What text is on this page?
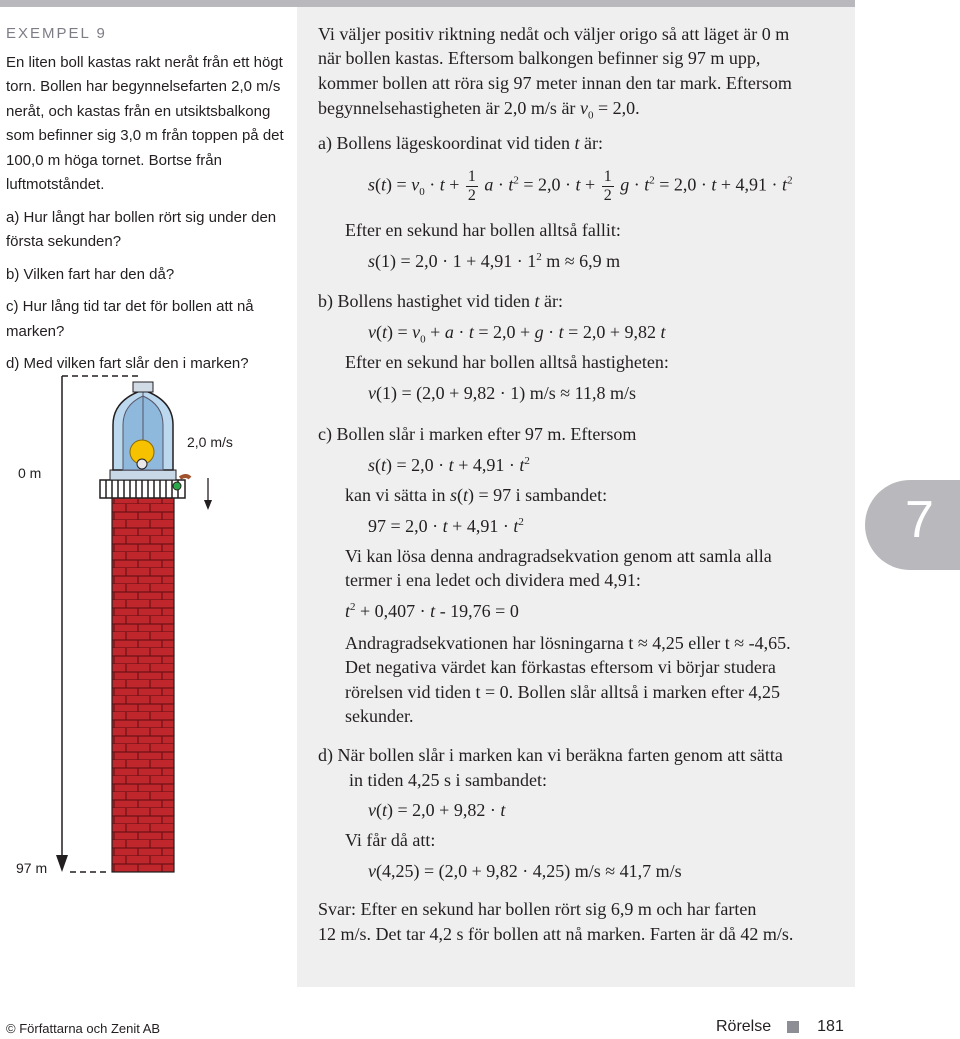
EXEMPEL 9

En liten boll kastas rakt neråt från ett högt torn. Bollen har begynnelsefarten 2,0 m/s neråt, och kastas från en utsiktsbalkong som befinner sig 3,0 m från toppen på det 100,0 m höga tornet. Bortse från luftmotståndet.

a) Hur långt har bollen rört sig under den första sekunden?

b) Vilken fart har den då?

c) Hur lång tid tar det för bollen att nå marken?

d) Med vilken fart slår den i marken?

0 m
97 m
2,0 m/s
Vi väljer positiv riktning nedåt och väljer origo så att läget är 0 m
när bollen kastas. Eftersom balkongen befinner sig 97 m upp,
kommer bollen att röra sig 97 meter innan den tar mark. Eftersom
begynnelsehastigheten är 2,0 m/s är $v_0 = 2,0$.
a) Bollens lägeskoordinat vid tiden t är:
$s(t) = v_0 \cdot t + \frac{1}{2}$ $a \cdot t^2 = 2,0 \cdot t + \frac{1}{2}$ $g \cdot t^2 = 2,0 \cdot t + 4,91 \cdot t^2$
Efter en sekund har bollen alltså fallit:
$s(1) = 2,0 \cdot 1 + 4,91 \cdot 1^2$ m ≈ 6,9 m
b) Bollens hastighet vid tiden t är:
$v(t) = v_0 + a \cdot t = 2,0 + g \cdot t = 2,0 + 9,82$ t
Efter en sekund har bollen alltså hastigheten:
v(1) = (2,0 + 9,82 · 1) m/s ≈ 11,8 m/s
c) Bollen slår i marken efter 97 m. Eftersom
$s(t) = 2,0 \cdot t + 4,91 \cdot t^2$
kan vi sätta in s(t) = 97 i sambandet:
$97 = 2,0 \cdot t + 4,91 \cdot t^2$
Vi kan lösa denna andragradsekvation genom att samla alla
termer i ena ledet och dividera med 4,91:
$t^2 + 0,407 \cdot t - 19,76 = 0$
Andragradsekvationen har lösningarna t ≈ 4,25 eller t ≈ -4,65.
Det negativa värdet kan förkastas eftersom vi börjar studera
rörelsen vid tiden t = 0. Bollen slår alltså i marken efter 4,25
sekunder.
d) När bollen slår i marken kan vi beräkna farten genom att sätta
in tiden 4,25 s i sambandet:
v(t) = 2,0 + 9,82 · t
Vi får då att:
v(4,25) = (2,0 + 9,82 · 4,25) m/s ≈ 41,7 m/s
Svar: Efter en sekund har bollen rört sig 6,9 m och har farten
12 m/s. Det tar 4,2 s för bollen att nå marken. Farten är då 42 m/s.
7
© Författarna och Zenit AB	Rörelse	181
